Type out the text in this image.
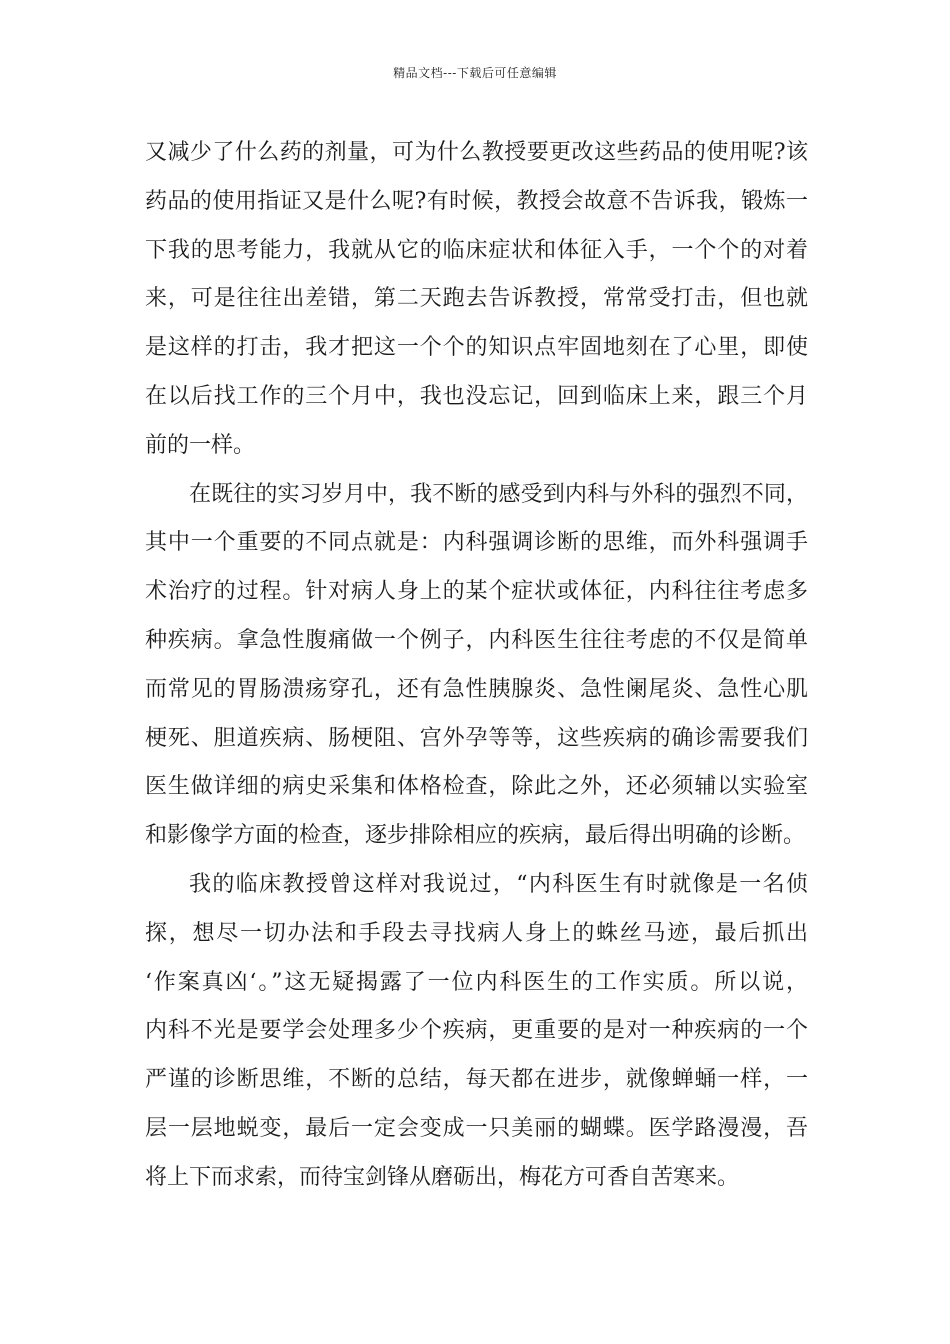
精品文档---下载后可任意编辑
又减少了什么药的剂量，可为什么教授要更改这些药品的使用呢?该
药品的使用指证又是什么呢?有时候，教授会故意不告诉我，锻炼一
下我的思考能力，我就从它的临床症状和体征入手，一个个的对着
来，可是往往出差错，第二天跑去告诉教授，常常受打击，但也就
是这样的打击，我才把这一个个的知识点牢固地刻在了心里，即使
在以后找工作的三个月中，我也没忘记，回到临床上来，跟三个月
前的一样。
在既往的实习岁月中，我不断的感受到内科与外科的强烈不同，
其中一个重要的不同点就是：内科强调诊断的思维，而外科强调手
术治疗的过程。针对病人身上的某个症状或体征，内科往往考虑多
种疾病。拿急性腹痛做一个例子，内科医生往往考虑的不仅是简单
而常见的胃肠溃疡穿孔，还有急性胰腺炎、急性阑尾炎、急性心肌
梗死、胆道疾病、肠梗阻、宫外孕等等，这些疾病的确诊需要我们
医生做详细的病史采集和体格检查，除此之外，还必须辅以实验室
和影像学方面的检查，逐步排除相应的疾病，最后得出明确的诊断。
我的临床教授曾这样对我说过，“内科医生有时就像是一名侦
探，想尽一切办法和手段去寻找病人身上的蛛丝马迹，最后抓出
‘作案真凶‘。”这无疑揭露了一位内科医生的工作实质。所以说，
内科不光是要学会处理多少个疾病，更重要的是对一种疾病的一个
严谨的诊断思维，不断的总结，每天都在进步，就像蝉蛹一样，一
层一层地蜕变，最后一定会变成一只美丽的蝴蝶。医学路漫漫，吾
将上下而求索，而待宝剑锋从磨砺出，梅花方可香自苦寒来。
